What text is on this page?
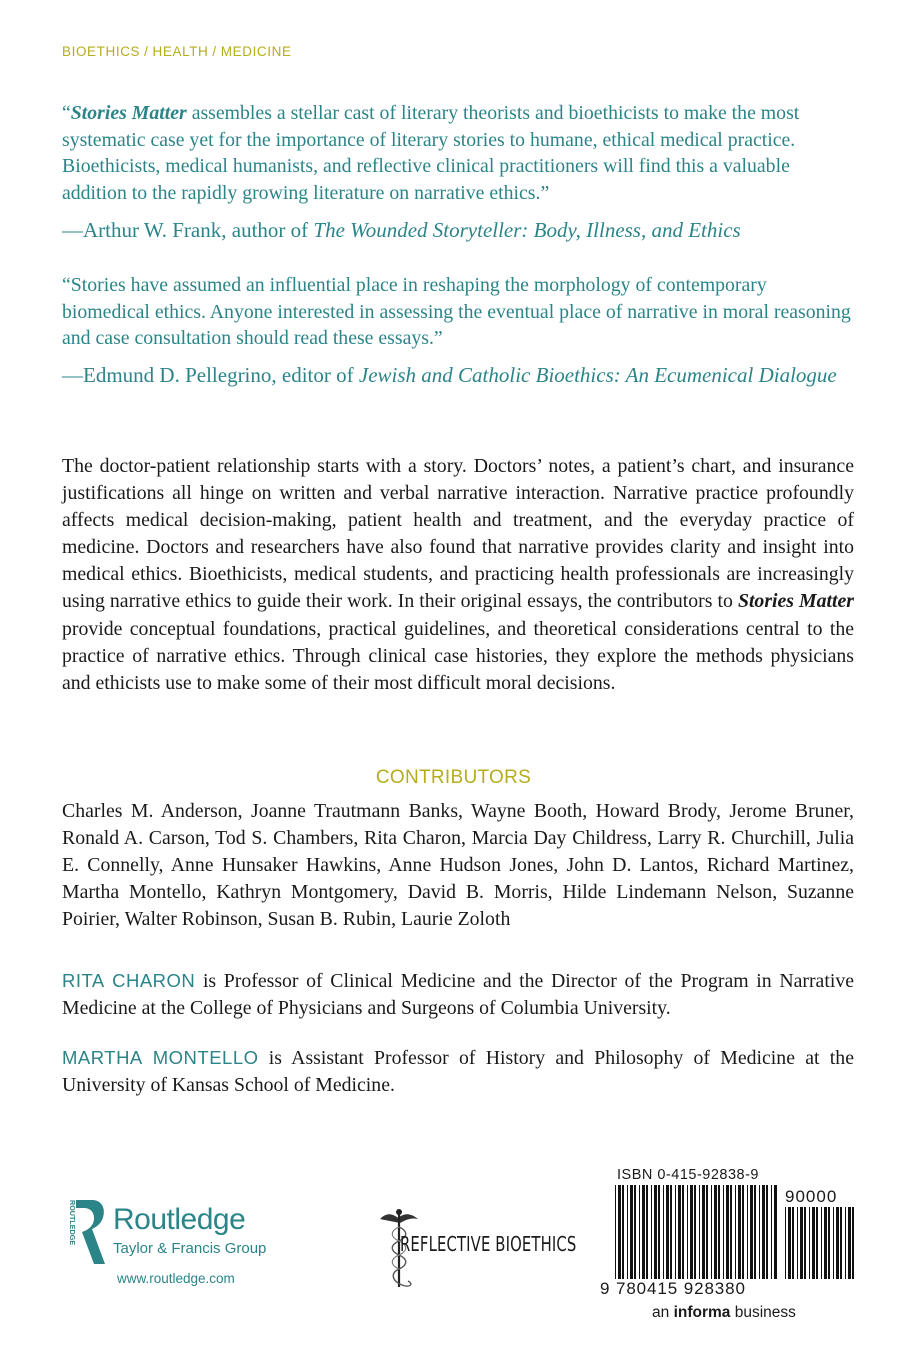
BIOETHICS / HEALTH / MEDICINE
“Stories Matter assembles a stellar cast of literary theorists and bioethicists to make the most systematic case yet for the importance of literary stories to humane, ethical medical practice. Bioethicists, medical humanists, and reflective clinical practitioners will find this a valuable addition to the rapidly growing literature on narrative ethics.”
—Arthur W. Frank, author of The Wounded Storyteller: Body, Illness, and Ethics
“Stories have assumed an influential place in reshaping the morphology of contemporary biomedical ethics. Anyone interested in assessing the eventual place of narrative in moral reasoning and case consultation should read these essays.”
—Edmund D. Pellegrino, editor of Jewish and Catholic Bioethics: An Ecumenical Dialogue
The doctor-patient relationship starts with a story. Doctors’ notes, a patient’s chart, and insurance justifications all hinge on written and verbal narrative interaction. Narrative practice profoundly affects medical decision-making, patient health and treatment, and the everyday practice of medicine. Doctors and researchers have also found that narrative provides clarity and insight into medical ethics. Bioethicists, medical students, and practicing health professionals are increasingly using narrative ethics to guide their work. In their original essays, the contributors to Stories Matter provide conceptual foundations, practical guidelines, and theoretical considerations central to the practice of narrative ethics. Through clinical case histories, they explore the methods physicians and ethicists use to make some of their most difficult moral decisions.
CONTRIBUTORS
Charles M. Anderson, Joanne Trautmann Banks, Wayne Booth, Howard Brody, Jerome Bruner, Ronald A. Carson, Tod S. Chambers, Rita Charon, Marcia Day Childress, Larry R. Churchill, Julia E. Connelly, Anne Hunsaker Hawkins, Anne Hudson Jones, John D. Lantos, Richard Martinez, Martha Montello, Kathryn Montgomery, David B. Morris, Hilde Lindemann Nelson, Suzanne Poirier, Walter Robinson, Susan B. Rubin, Laurie Zoloth
RITA CHARON is Professor of Clinical Medicine and the Director of the Program in Narrative Medicine at the College of Physicians and Surgeons of Columbia University.
MARTHA MONTELLO is Assistant Professor of History and Philosophy of Medicine at the University of Kansas School of Medicine.
ROUTLEDGE Routledge
Taylor & Francis Group
www.routledge.com
REFLECTIVE BIOETHICS
ISBN 0-415-92838-9
90000
9 780415 928380
an informa business
